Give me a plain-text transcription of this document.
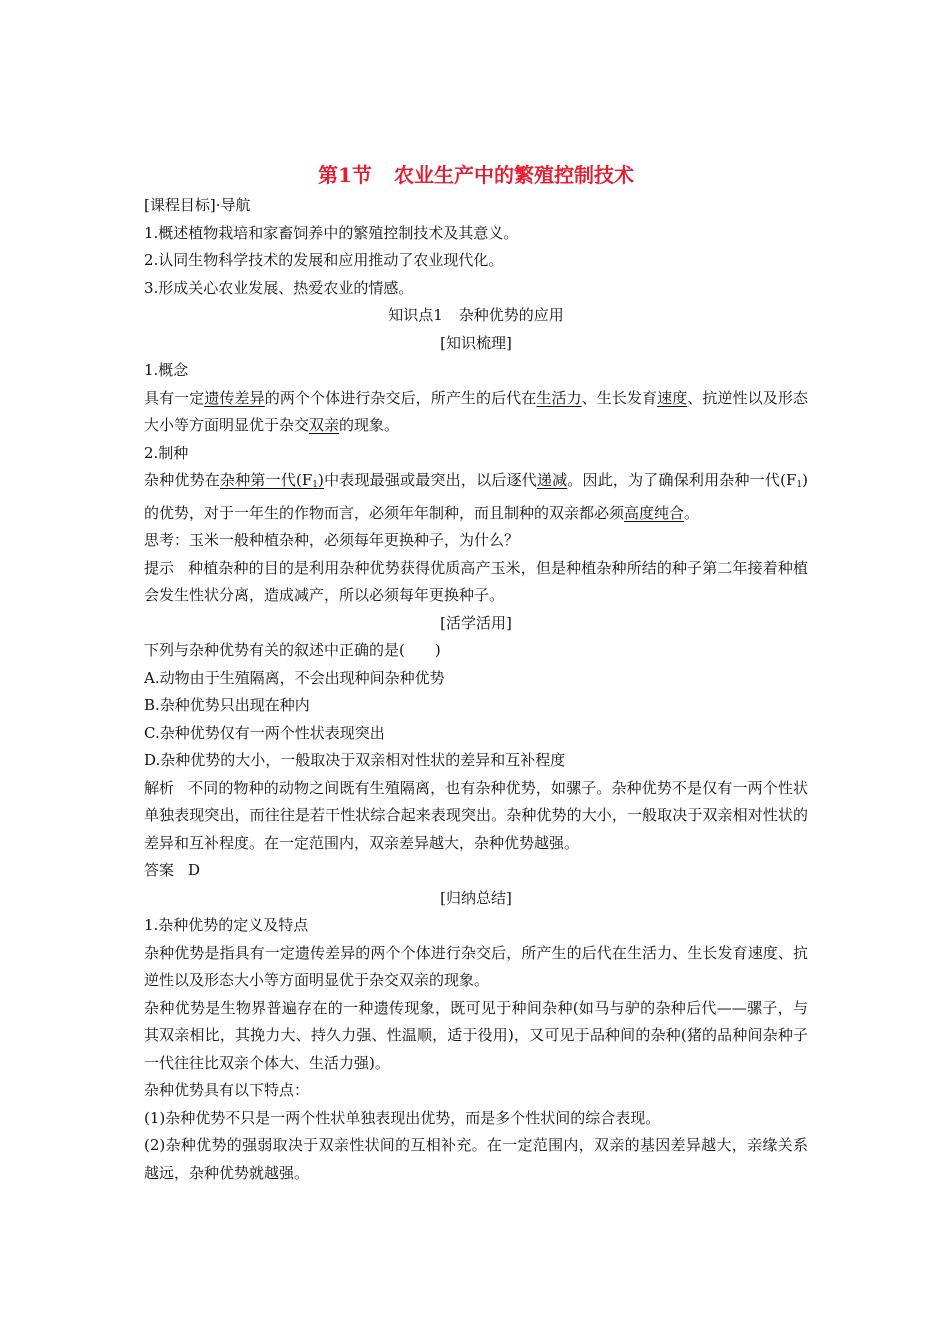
第1节 农业生产中的繁殖控制技术

[课程目标]·导航

1.概述植物栽培和家畜饲养中的繁殖控制技术及其意义。

2.认同生物科学技术的发展和应用推动了农业现代化。

3.形成关心农业发展、热爱农业的情感。

知识点1 杂种优势的应用

[知识梳理]

1.概念

具有一定遗传差异的两个个体进行杂交后，所产生的后代在生活力、生长发育速度、抗逆性以及形态大小等方面明显优于杂交双亲的现象。

2.制种

杂种优势在杂种第一代$(F_1)$中表现最强或最突出，以后逐代递减。因此，为了确保利用杂种一代$(F_1)$的优势，对于一年生的作物而言，必须年年制种，而且制种的双亲都必须高度纯合。

思考：玉米一般种植杂种，必须每年更换种子，为什么？

提示 种植杂种的目的是利用杂种优势获得优质高产玉米，但是种植杂种所结的种子第二年接着种植会发生性状分离，造成减产，所以必须每年更换种子。

[活学活用]

下列与杂种优势有关的叙述中正确的是(　　)

A.动物由于生殖隔离，不会出现种间杂种优势

B.杂种优势只出现在种内

C.杂种优势仅有一两个性状表现突出

D.杂种优势的大小，一般取决于双亲相对性状的差异和互补程度

解析 不同的物种的动物之间既有生殖隔离，也有杂种优势，如骡子。杂种优势不是仅有一两个性状单独表现突出，而往往是若干性状综合起来表现突出。杂种优势的大小，一般取决于双亲相对性状的差异和互补程度。在一定范围内，双亲差异越大，杂种优势越强。

答案 D

[归纳总结]

1.杂种优势的定义及特点

杂种优势是指具有一定遗传差异的两个个体进行杂交后，所产生的后代在生活力、生长发育速度、抗逆性以及形态大小等方面明显优于杂交双亲的现象。

杂种优势是生物界普遍存在的一种遗传现象，既可见于种间杂种(如马与驴的杂种后代——骡子，与其双亲相比，其挽力大、持久力强、性温顺，适于役用)，又可见于品种间的杂种(猪的品种间杂种子一代往往比双亲个体大、生活力强)。

杂种优势具有以下特点：

(1)杂种优势不只是一两个性状单独表现出优势，而是多个性状间的综合表现。

(2)杂种优势的强弱取决于双亲性状间的互相补充。在一定范围内，双亲的基因差异越大，亲缘关系越远，杂种优势就越强。
